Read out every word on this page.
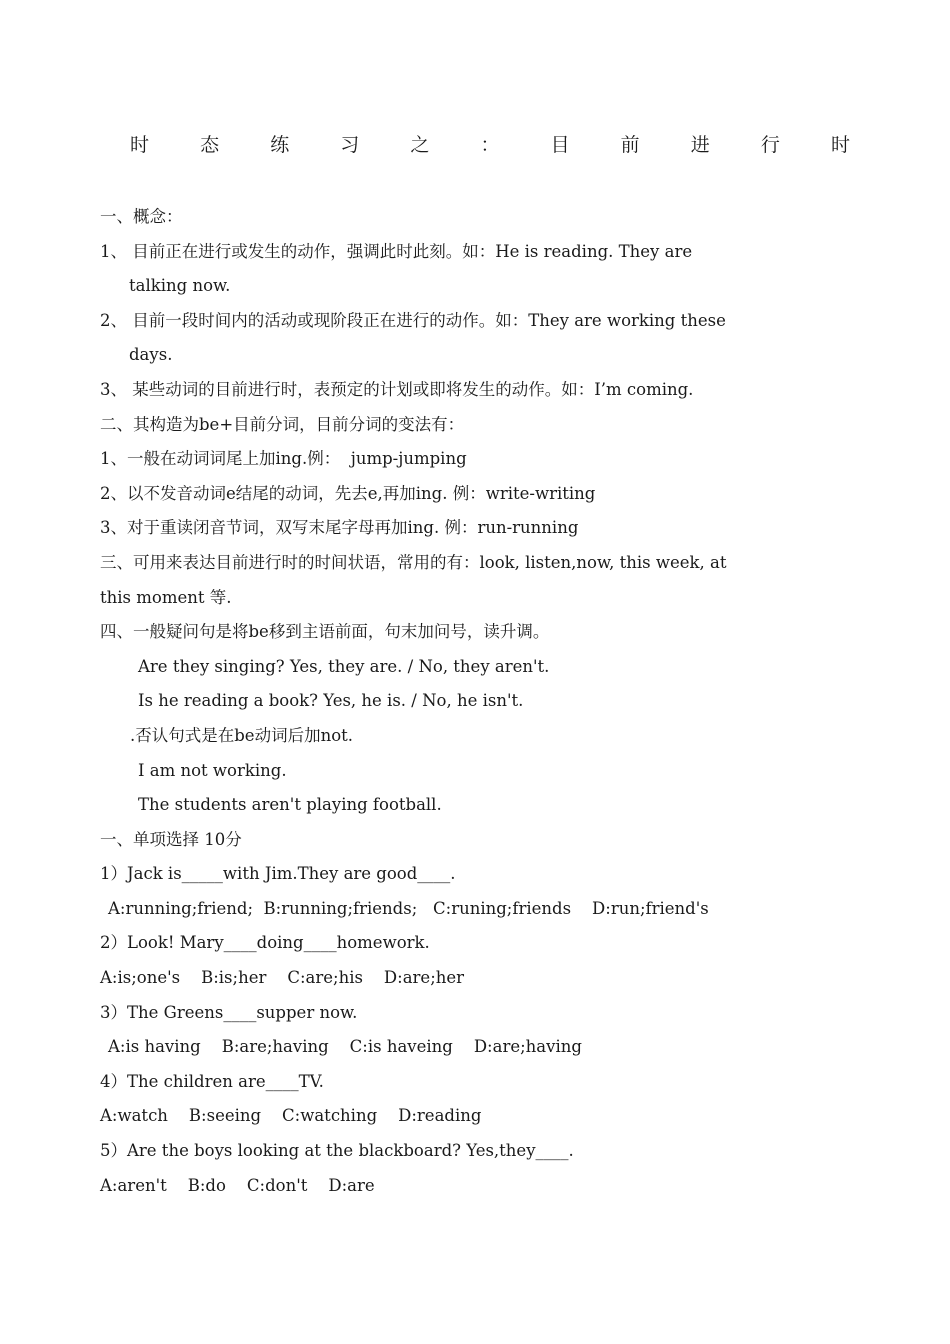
时	态	练	习	之	：	目	前	进	行	时
一、概念：
1、 目前正在进行或发生的动作，强调此时此刻。如：He is reading. They are
talking now.
2、 目前一段时间内的活动或现阶段正在进行的动作。如：They are working these
days.
3、 某些动词的目前进行时，表预定的计划或即将发生的动作。如：I’m coming.
二、其构造为be+目前分词，目前分词的变法有：
1、一般在动词词尾上加ing.例：  jump-jumping
2、以不发音动词e结尾的动词，先去e,再加ing. 例：write-writing
3、对于重读闭音节词，双写末尾字母再加ing. 例：run-running
三、可用来表达目前进行时的时间状语，常用的有：look, listen,now, this week, at
this moment 等.
四、一般疑问句是将be移到主语前面，句末加问号，读升调。
Are they singing? Yes, they are. / No, they aren't.
Is he reading a book? Yes, he is. / No, he isn't.
.否认句式是在be动词后加not.
I am not working.
The students aren't playing football.
一、单项选择 10分
1）Jack is_____with Jim.They are good____.
A:running;friend;  B:running;friends;   C:runing;friends    D:run;friend's
2）Look! Mary____doing____homework.
A:is;one's    B:is;her    C:are;his    D:are;her
3）The Greens____supper now.
A:is having    B:are;having    C:is haveing    D:are;having
4）The children are____TV.
A:watch    B:seeing    C:watching    D:reading
5）Are the boys looking at the blackboard? Yes,they____.
A:aren't    B:do    C:don't    D:are
